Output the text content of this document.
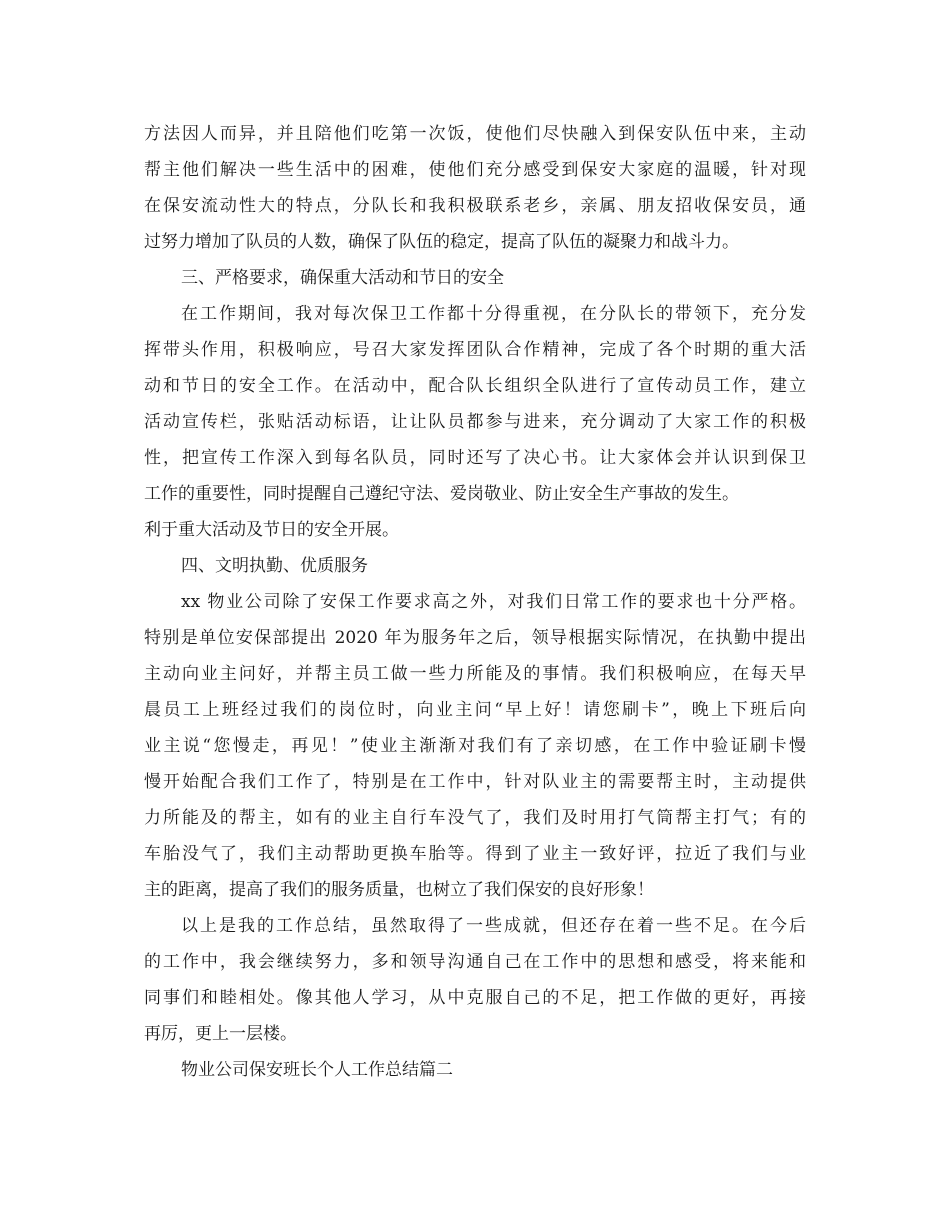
方法因人而异，并且陪他们吃第一次饭，使他们尽快融入到保安队伍中来，主动
帮主他们解决一些生活中的困难，使他们充分感受到保安大家庭的温暖，针对现
在保安流动性大的特点，分队长和我积极联系老乡，亲属、朋友招收保安员，通
过努力增加了队员的人数，确保了队伍的稳定，提高了队伍的凝聚力和战斗力。
三、严格要求，确保重大活动和节日的安全
在工作期间，我对每次保卫工作都十分得重视，在分队长的带领下，充分发
挥带头作用，积极响应，号召大家发挥团队合作精神，完成了各个时期的重大活
动和节日的安全工作。在活动中，配合队长组织全队进行了宣传动员工作，建立
活动宣传栏，张贴活动标语，让让队员都参与进来，充分调动了大家工作的积极
性，把宣传工作深入到每名队员，同时还写了决心书。让大家体会并认识到保卫
工作的重要性，同时提醒自己遵纪守法、爱岗敬业、防止安全生产事故的发生。
利于重大活动及节日的安全开展。
四、文明执勤、优质服务
xx 物业公司除了安保工作要求高之外，对我们日常工作的要求也十分严格。
特别是单位安保部提出 2020 年为服务年之后，领导根据实际情况，在执勤中提出
主动向业主问好，并帮主员工做一些力所能及的事情。我们积极响应，在每天早
晨员工上班经过我们的岗位时，向业主问“早上好！请您刷卡”，晚上下班后向
业主说“您慢走，再见！”使业主渐渐对我们有了亲切感，在工作中验证刷卡慢
慢开始配合我们工作了，特别是在工作中，针对队业主的需要帮主时，主动提供
力所能及的帮主，如有的业主自行车没气了，我们及时用打气筒帮主打气；有的
车胎没气了，我们主动帮助更换车胎等。得到了业主一致好评，拉近了我们与业
主的距离，提高了我们的服务质量，也树立了我们保安的良好形象！
以上是我的工作总结，虽然取得了一些成就，但还存在着一些不足。在今后
的工作中，我会继续努力，多和领导沟通自己在工作中的思想和感受，将来能和
同事们和睦相处。像其他人学习，从中克服自己的不足，把工作做的更好，再接
再厉，更上一层楼。
物业公司保安班长个人工作总结篇二
